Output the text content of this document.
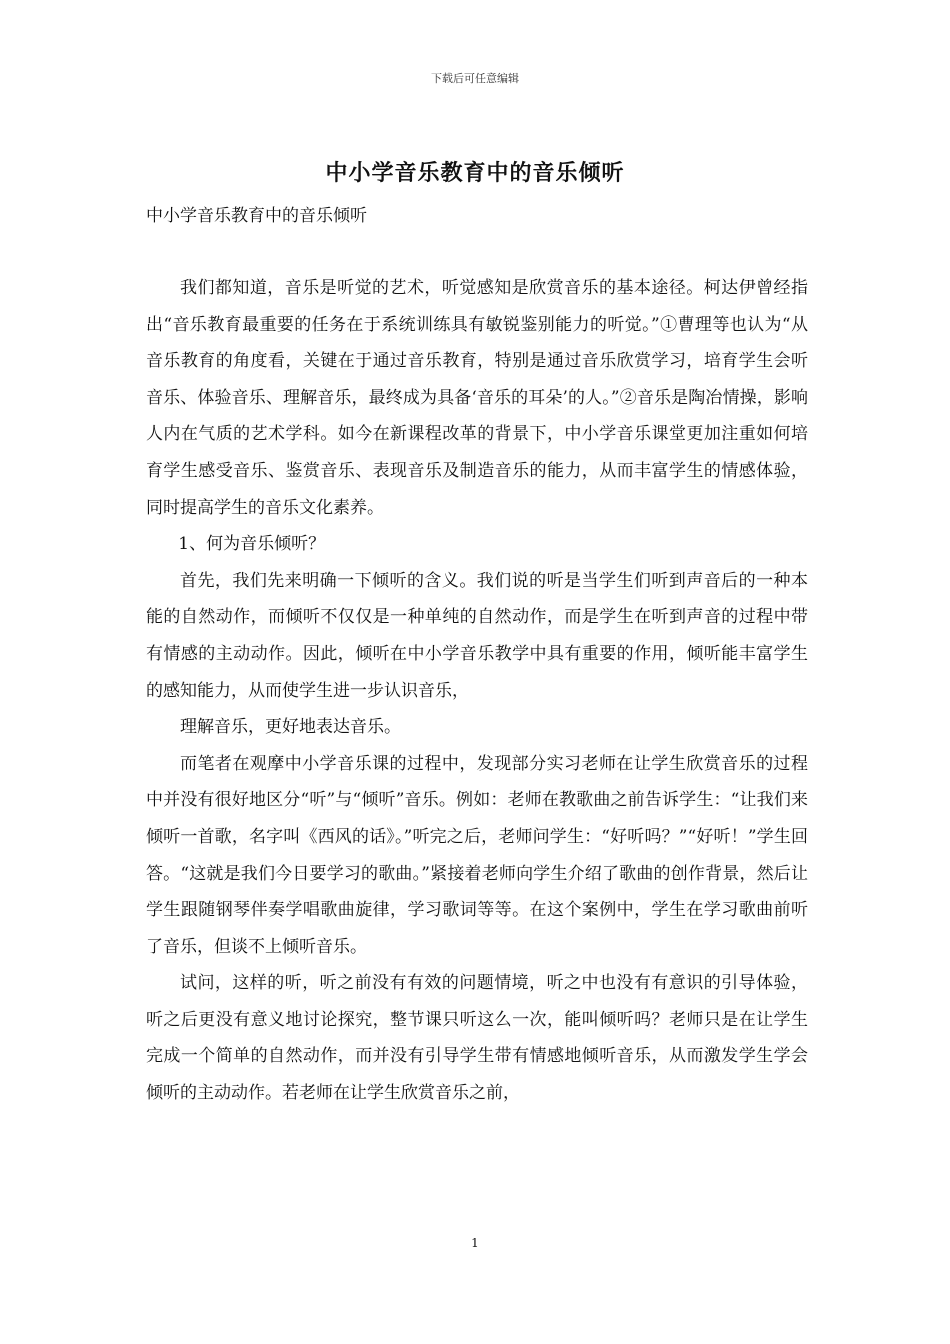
下载后可任意编辑
中小学音乐教育中的音乐倾听
中小学音乐教育中的音乐倾听

我们都知道，音乐是听觉的艺术，听觉感知是欣赏音乐的基本途径。柯达伊曾经指出“音乐教育最重要的任务在于系统训练具有敏锐鉴别能力的听觉。”①曹理等也认为“从音乐教育的角度看，关键在于通过音乐教育，特别是通过音乐欣赏学习，培育学生会听音乐、体验音乐、理解音乐，最终成为具备‘音乐的耳朵’的人。”②音乐是陶冶情操，影响人内在气质的艺术学科。如今在新课程改革的背景下，中小学音乐课堂更加注重如何培育学生感受音乐、鉴赏音乐、表现音乐及制造音乐的能力，从而丰富学生的情感体验，同时提高学生的音乐文化素养。

1、何为音乐倾听？

首先，我们先来明确一下倾听的含义。我们说的听是当学生们听到声音后的一种本能的自然动作，而倾听不仅仅是一种单纯的自然动作，而是学生在听到声音的过程中带有情感的主动动作。因此，倾听在中小学音乐教学中具有重要的作用，倾听能丰富学生的感知能力，从而使学生进一步认识音乐，

理解音乐，更好地表达音乐。

而笔者在观摩中小学音乐课的过程中，发现部分实习老师在让学生欣赏音乐的过程中并没有很好地区分“听”与“倾听”音乐。例如：老师在教歌曲之前告诉学生：“让我们来倾听一首歌，名字叫《西风的话》。”听完之后，老师问学生：“好听吗？”“好听！”学生回答。“这就是我们今日要学习的歌曲。”紧接着老师向学生介绍了歌曲的创作背景，然后让学生跟随钢琴伴奏学唱歌曲旋律，学习歌词等等。在这个案例中，学生在学习歌曲前听了音乐，但谈不上倾听音乐。

试问，这样的听，听之前没有有效的问题情境，听之中也没有有意识的引导体验，听之后更没有意义地讨论探究，整节课只听这么一次，能叫倾听吗？老师只是在让学生完成一个简单的自然动作，而并没有引导学生带有情感地倾听音乐，从而激发学生学会倾听的主动动作。若老师在让学生欣赏音乐之前，

1
